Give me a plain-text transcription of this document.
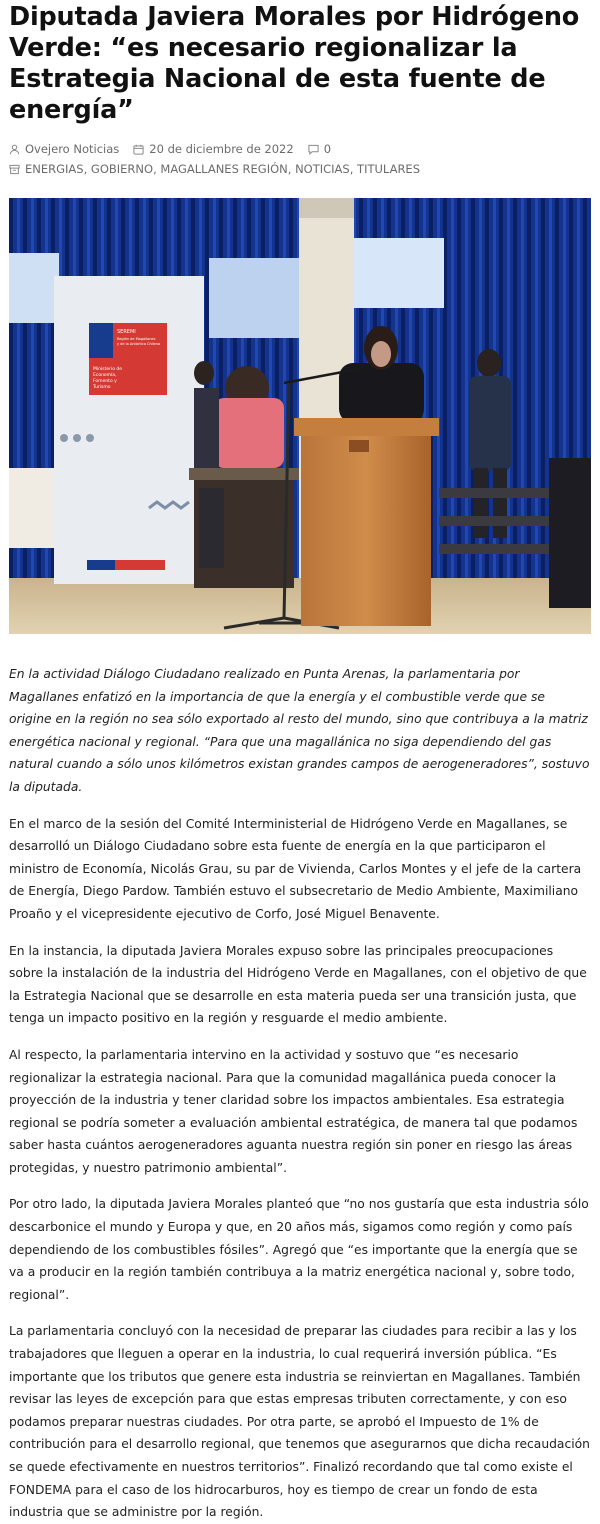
Diputada Javiera Morales por Hidrógeno Verde: “es necesario regionalizar la Estrategia Nacional de esta fuente de energía”
Ovejero Noticias	20 de diciembre de 2022	0
ENERGIAS, GOBIERNO, MAGALLANES REGIÓN, NOTICIAS, TITULARES
SEREMI
Región de Magallanes
y de la Antártica Chilena
Ministerio de
Economía,
Fomento y
Turismo

En la actividad Diálogo Ciudadano realizado en Punta Arenas, la parlamentaria por Magallanes enfatizó en la importancia de que la energía y el combustible verde que se origine en la región no sea sólo exportado al resto del mundo, sino que contribuya a la matriz energética nacional y regional. “Para que una magallánica no siga dependiendo del gas natural cuando a sólo unos kilómetros existan grandes campos de aerogeneradores”, sostuvo la diputada.

En el marco de la sesión del Comité Interministerial de Hidrógeno Verde en Magallanes, se desarrolló un Diálogo Ciudadano sobre esta fuente de energía en la que participaron el ministro de Economía, Nicolás Grau, su par de Vivienda, Carlos Montes y el jefe de la cartera de Energía, Diego Pardow. También estuvo el subsecretario de Medio Ambiente, Maximiliano Proaño y el vicepresidente ejecutivo de Corfo, José Miguel Benavente.

En la instancia, la diputada Javiera Morales expuso sobre las principales preocupaciones sobre la instalación de la industria del Hidrógeno Verde en Magallanes, con el objetivo de que la Estrategia Nacional que se desarrolle en esta materia pueda ser una transición justa, que tenga un impacto positivo en la región y resguarde el medio ambiente.

Al respecto, la parlamentaria intervino en la actividad y sostuvo que “es necesario regionalizar la estrategia nacional. Para que la comunidad magallánica pueda conocer la proyección de la industria y tener claridad sobre los impactos ambientales. Esa estrategia regional se podría someter a evaluación ambiental estratégica, de manera tal que podamos saber hasta cuántos aerogeneradores aguanta nuestra región sin poner en riesgo las áreas protegidas, y nuestro patrimonio ambiental”.

Por otro lado, la diputada Javiera Morales planteó que “no nos gustaría que esta industria sólo descarbonice el mundo y Europa y que, en 20 años más, sigamos como región y como país dependiendo de los combustibles fósiles”. Agregó que “es importante que la energía que se va a producir en la región también contribuya a la matriz energética nacional y, sobre todo, regional”.

La parlamentaria concluyó con la necesidad de preparar las ciudades para recibir a las y los trabajadores que lleguen a operar en la industria, lo cual requerirá inversión pública. “Es importante que los tributos que genere esta industria se reinviertan en Magallanes. También revisar las leyes de excepción para que estas empresas tributen correctamente, y con eso podamos preparar nuestras ciudades. Por otra parte, se aprobó el Impuesto de 1% de contribución para el desarrollo regional, que tenemos que asegurarnos que dicha recaudación se quede efectivamente en nuestros territorios”. Finalizó recordando que tal como existe el FONDEMA para el caso de los hidrocarburos, hoy es tiempo de crear un fondo de esta industria que se administre por la región.
